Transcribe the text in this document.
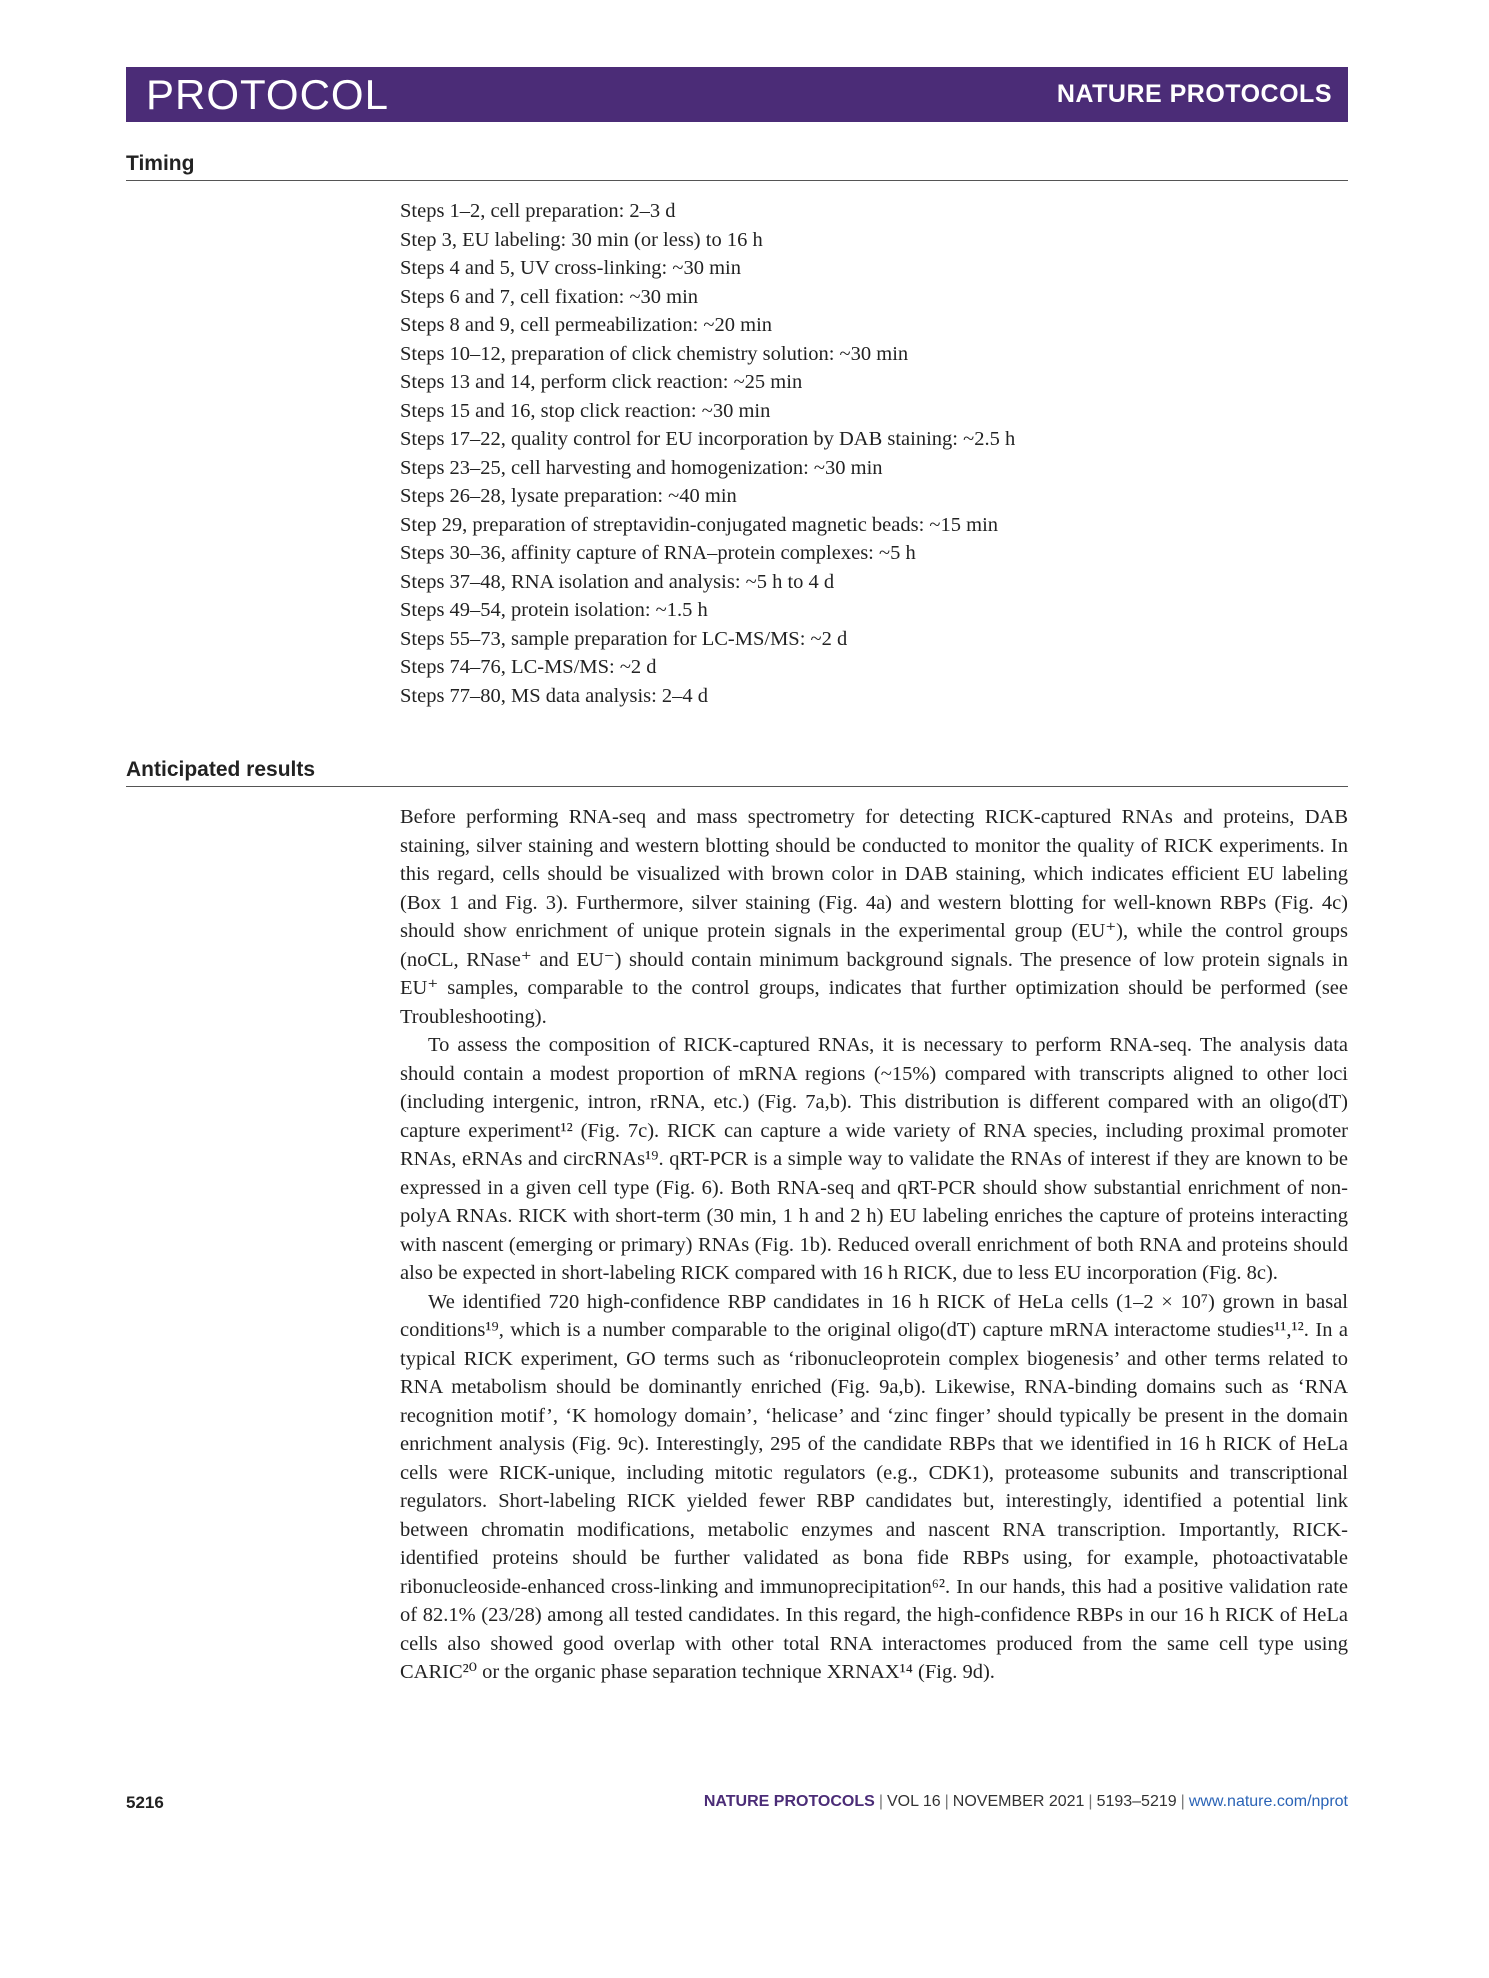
PROTOCOL	NATURE PROTOCOLS
Timing
Steps 1–2, cell preparation: 2–3 d
Step 3, EU labeling: 30 min (or less) to 16 h
Steps 4 and 5, UV cross-linking: ~30 min
Steps 6 and 7, cell fixation: ~30 min
Steps 8 and 9, cell permeabilization: ~20 min
Steps 10–12, preparation of click chemistry solution: ~30 min
Steps 13 and 14, perform click reaction: ~25 min
Steps 15 and 16, stop click reaction: ~30 min
Steps 17–22, quality control for EU incorporation by DAB staining: ~2.5 h
Steps 23–25, cell harvesting and homogenization: ~30 min
Steps 26–28, lysate preparation: ~40 min
Step 29, preparation of streptavidin-conjugated magnetic beads: ~15 min
Steps 30–36, affinity capture of RNA–protein complexes: ~5 h
Steps 37–48, RNA isolation and analysis: ~5 h to 4 d
Steps 49–54, protein isolation: ~1.5 h
Steps 55–73, sample preparation for LC-MS/MS: ~2 d
Steps 74–76, LC-MS/MS: ~2 d
Steps 77–80, MS data analysis: 2–4 d
Anticipated results

Before performing RNA-seq and mass spectrometry for detecting RICK-captured RNAs and proteins, DAB staining, silver staining and western blotting should be conducted to monitor the quality of RICK experiments. In this regard, cells should be visualized with brown color in DAB staining, which indicates efficient EU labeling (Box 1 and Fig. 3). Furthermore, silver staining (Fig. 4a) and western blotting for well-known RBPs (Fig. 4c) should show enrichment of unique protein signals in the experimental group (EU⁺), while the control groups (noCL, RNase⁺ and EU⁻) should contain minimum background signals. The presence of low protein signals in EU⁺ samples, comparable to the control groups, indicates that further optimization should be performed (see Troubleshooting).

To assess the composition of RICK-captured RNAs, it is necessary to perform RNA-seq. The analysis data should contain a modest proportion of mRNA regions (~15%) compared with transcripts aligned to other loci (including intergenic, intron, rRNA, etc.) (Fig. 7a,b). This distribution is different compared with an oligo(dT) capture experiment¹² (Fig. 7c). RICK can capture a wide variety of RNA species, including proximal promoter RNAs, eRNAs and circRNAs¹⁹. qRT-PCR is a simple way to validate the RNAs of interest if they are known to be expressed in a given cell type (Fig. 6). Both RNA-seq and qRT-PCR should show substantial enrichment of non-polyA RNAs. RICK with short-term (30 min, 1 h and 2 h) EU labeling enriches the capture of proteins interacting with nascent (emerging or primary) RNAs (Fig. 1b). Reduced overall enrichment of both RNA and proteins should also be expected in short-labeling RICK compared with 16 h RICK, due to less EU incorporation (Fig. 8c).

We identified 720 high-confidence RBP candidates in 16 h RICK of HeLa cells (1–2 × 10⁷) grown in basal conditions¹⁹, which is a number comparable to the original oligo(dT) capture mRNA interactome studies¹¹,¹². In a typical RICK experiment, GO terms such as ‘ribonucleoprotein complex biogenesis’ and other terms related to RNA metabolism should be dominantly enriched (Fig. 9a,b). Likewise, RNA-binding domains such as ‘RNA recognition motif’, ‘K homology domain’, ‘helicase’ and ‘zinc finger’ should typically be present in the domain enrichment analysis (Fig. 9c). Interestingly, 295 of the candidate RBPs that we identified in 16 h RICK of HeLa cells were RICK-unique, including mitotic regulators (e.g., CDK1), proteasome subunits and transcriptional regulators. Short-labeling RICK yielded fewer RBP candidates but, interestingly, identified a potential link between chromatin modifications, metabolic enzymes and nascent RNA transcription. Importantly, RICK-identified proteins should be further validated as bona fide RBPs using, for example, photoactivatable ribonucleoside-enhanced cross-linking and immunoprecipitation⁶². In our hands, this had a positive validation rate of 82.1% (23/28) among all tested candidates. In this regard, the high-confidence RBPs in our 16 h RICK of HeLa cells also showed good overlap with other total RNA interactomes produced from the same cell type using CARIC²⁰ or the organic phase separation technique XRNAX¹⁴ (Fig. 9d).

5216	NATURE PROTOCOLS | VOL 16 | NOVEMBER 2021 | 5193–5219 | www.nature.com/nprot
